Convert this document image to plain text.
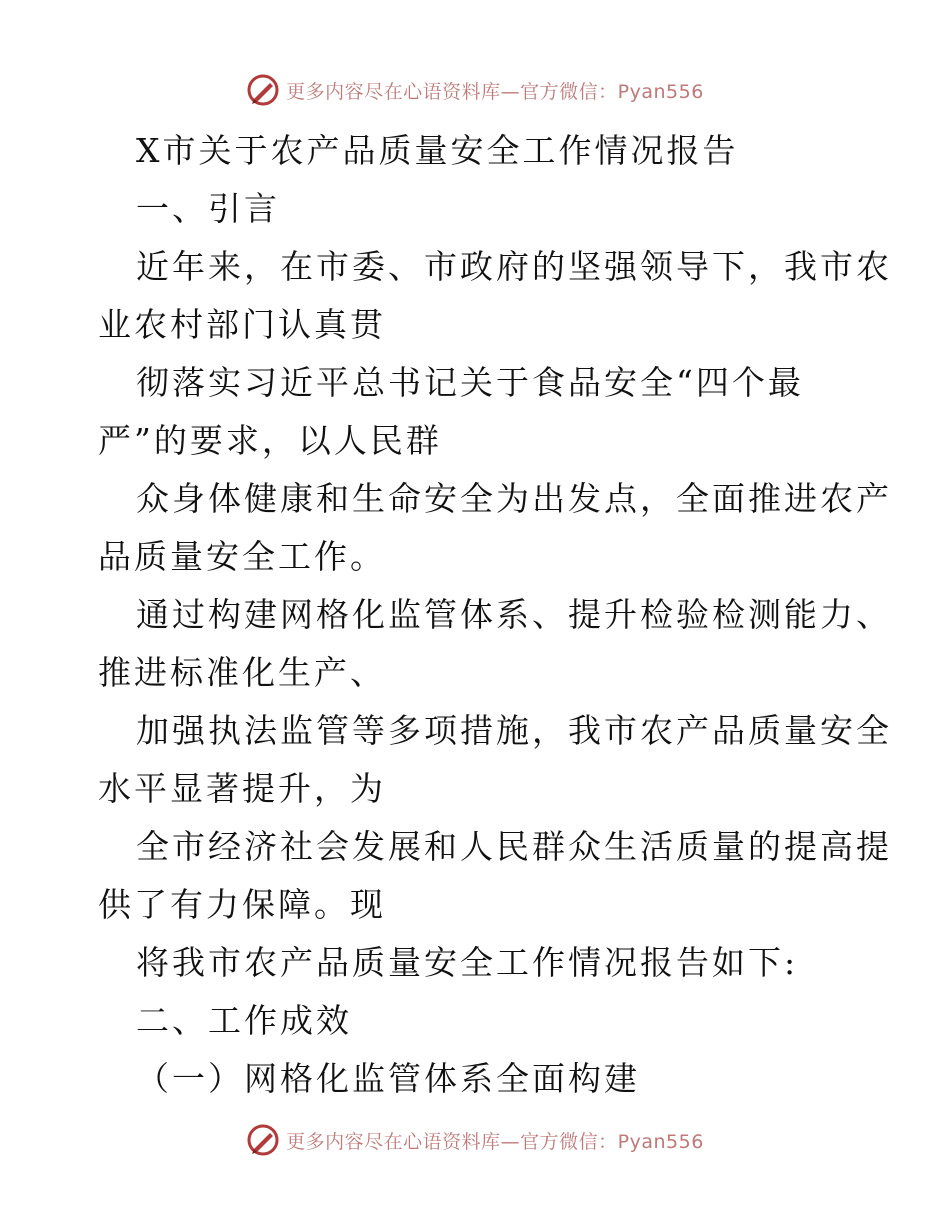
更多内容尽在心语资料库—官方微信：Pyan556
X市关于农产品质量安全工作情况报告
一、引言
近年来，在市委、市政府的坚强领导下，我市农
业农村部门认真贯
彻落实习近平总书记关于食品安全“四个最
严”的要求，以人民群
众身体健康和生命安全为出发点，全面推进农产
品质量安全工作。
通过构建网格化监管体系、提升检验检测能力、
推进标准化生产、
加强执法监管等多项措施，我市农产品质量安全
水平显著提升，为
全市经济社会发展和人民群众生活质量的提高提
供了有力保障。现
将我市农产品质量安全工作情况报告如下:
二、工作成效
（一）网格化监管体系全面构建
更多内容尽在心语资料库—官方微信：Pyan556
